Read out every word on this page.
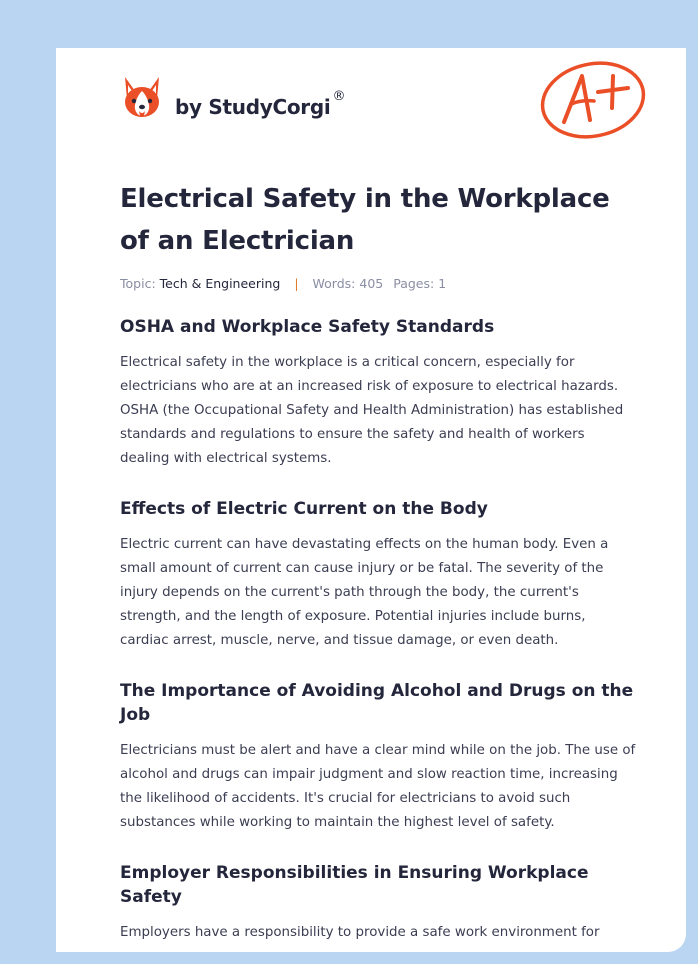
by StudyCorgi ®
Electrical Safety in the Workplace of an Electrician
Topic: Tech & Engineering | Words: 405 Pages: 1
OSHA and Workplace Safety Standards

Electrical safety in the workplace is a critical concern, especially for electricians who are at an increased risk of exposure to electrical hazards. OSHA (the Occupational Safety and Health Administration) has established standards and regulations to ensure the safety and health of workers dealing with electrical systems.

Effects of Electric Current on the Body

Electric current can have devastating effects on the human body. Even a small amount of current can cause injury or be fatal. The severity of the injury depends on the current's path through the body, the current's strength, and the length of exposure. Potential injuries include burns, cardiac arrest, muscle, nerve, and tissue damage, or even death.

The Importance of Avoiding Alcohol and Drugs on the Job

Electricians must be alert and have a clear mind while on the job. The use of alcohol and drugs can impair judgment and slow reaction time, increasing the likelihood of accidents. It's crucial for electricians to avoid such substances while working to maintain the highest level of safety.

Employer Responsibilities in Ensuring Workplace Safety

Employers have a responsibility to provide a safe work environment for
